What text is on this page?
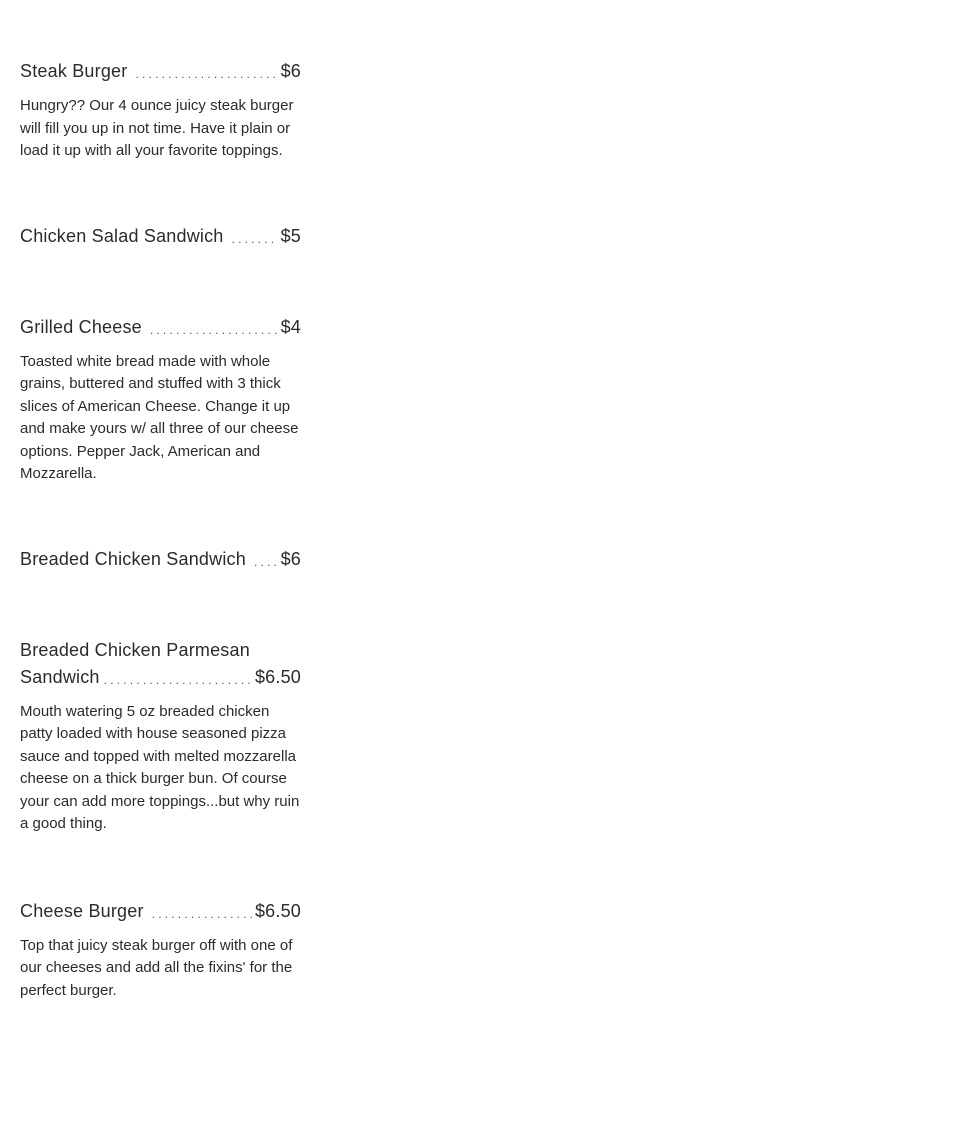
Steak Burger .....	$6
Hungry?? Our 4 ounce juicy steak burger will fill you up in not time. Have it plain or load it up with all your favorite toppings.
Chicken Salad Sandwich .....	$5
Grilled Cheese .....	$4
Toasted white bread made with whole grains, buttered and stuffed with 3 thick slices of American Cheese. Change it up and make yours w/ all three of our cheese options. Pepper Jack, American and Mozzarella.
Breaded Chicken Sandwich ..... $6
Breaded Chicken Parmesan
Sandwich .....	$6.50
Mouth watering 5 oz breaded chicken patty loaded with house seasoned pizza sauce and topped with melted mozzarella cheese on a thick burger bun. Of course your can add more toppings...but why ruin a good thing.
Cheese Burger .....	$6.50
Top that juicy steak burger off with one of our cheeses and add all the fixins' for the perfect burger.
